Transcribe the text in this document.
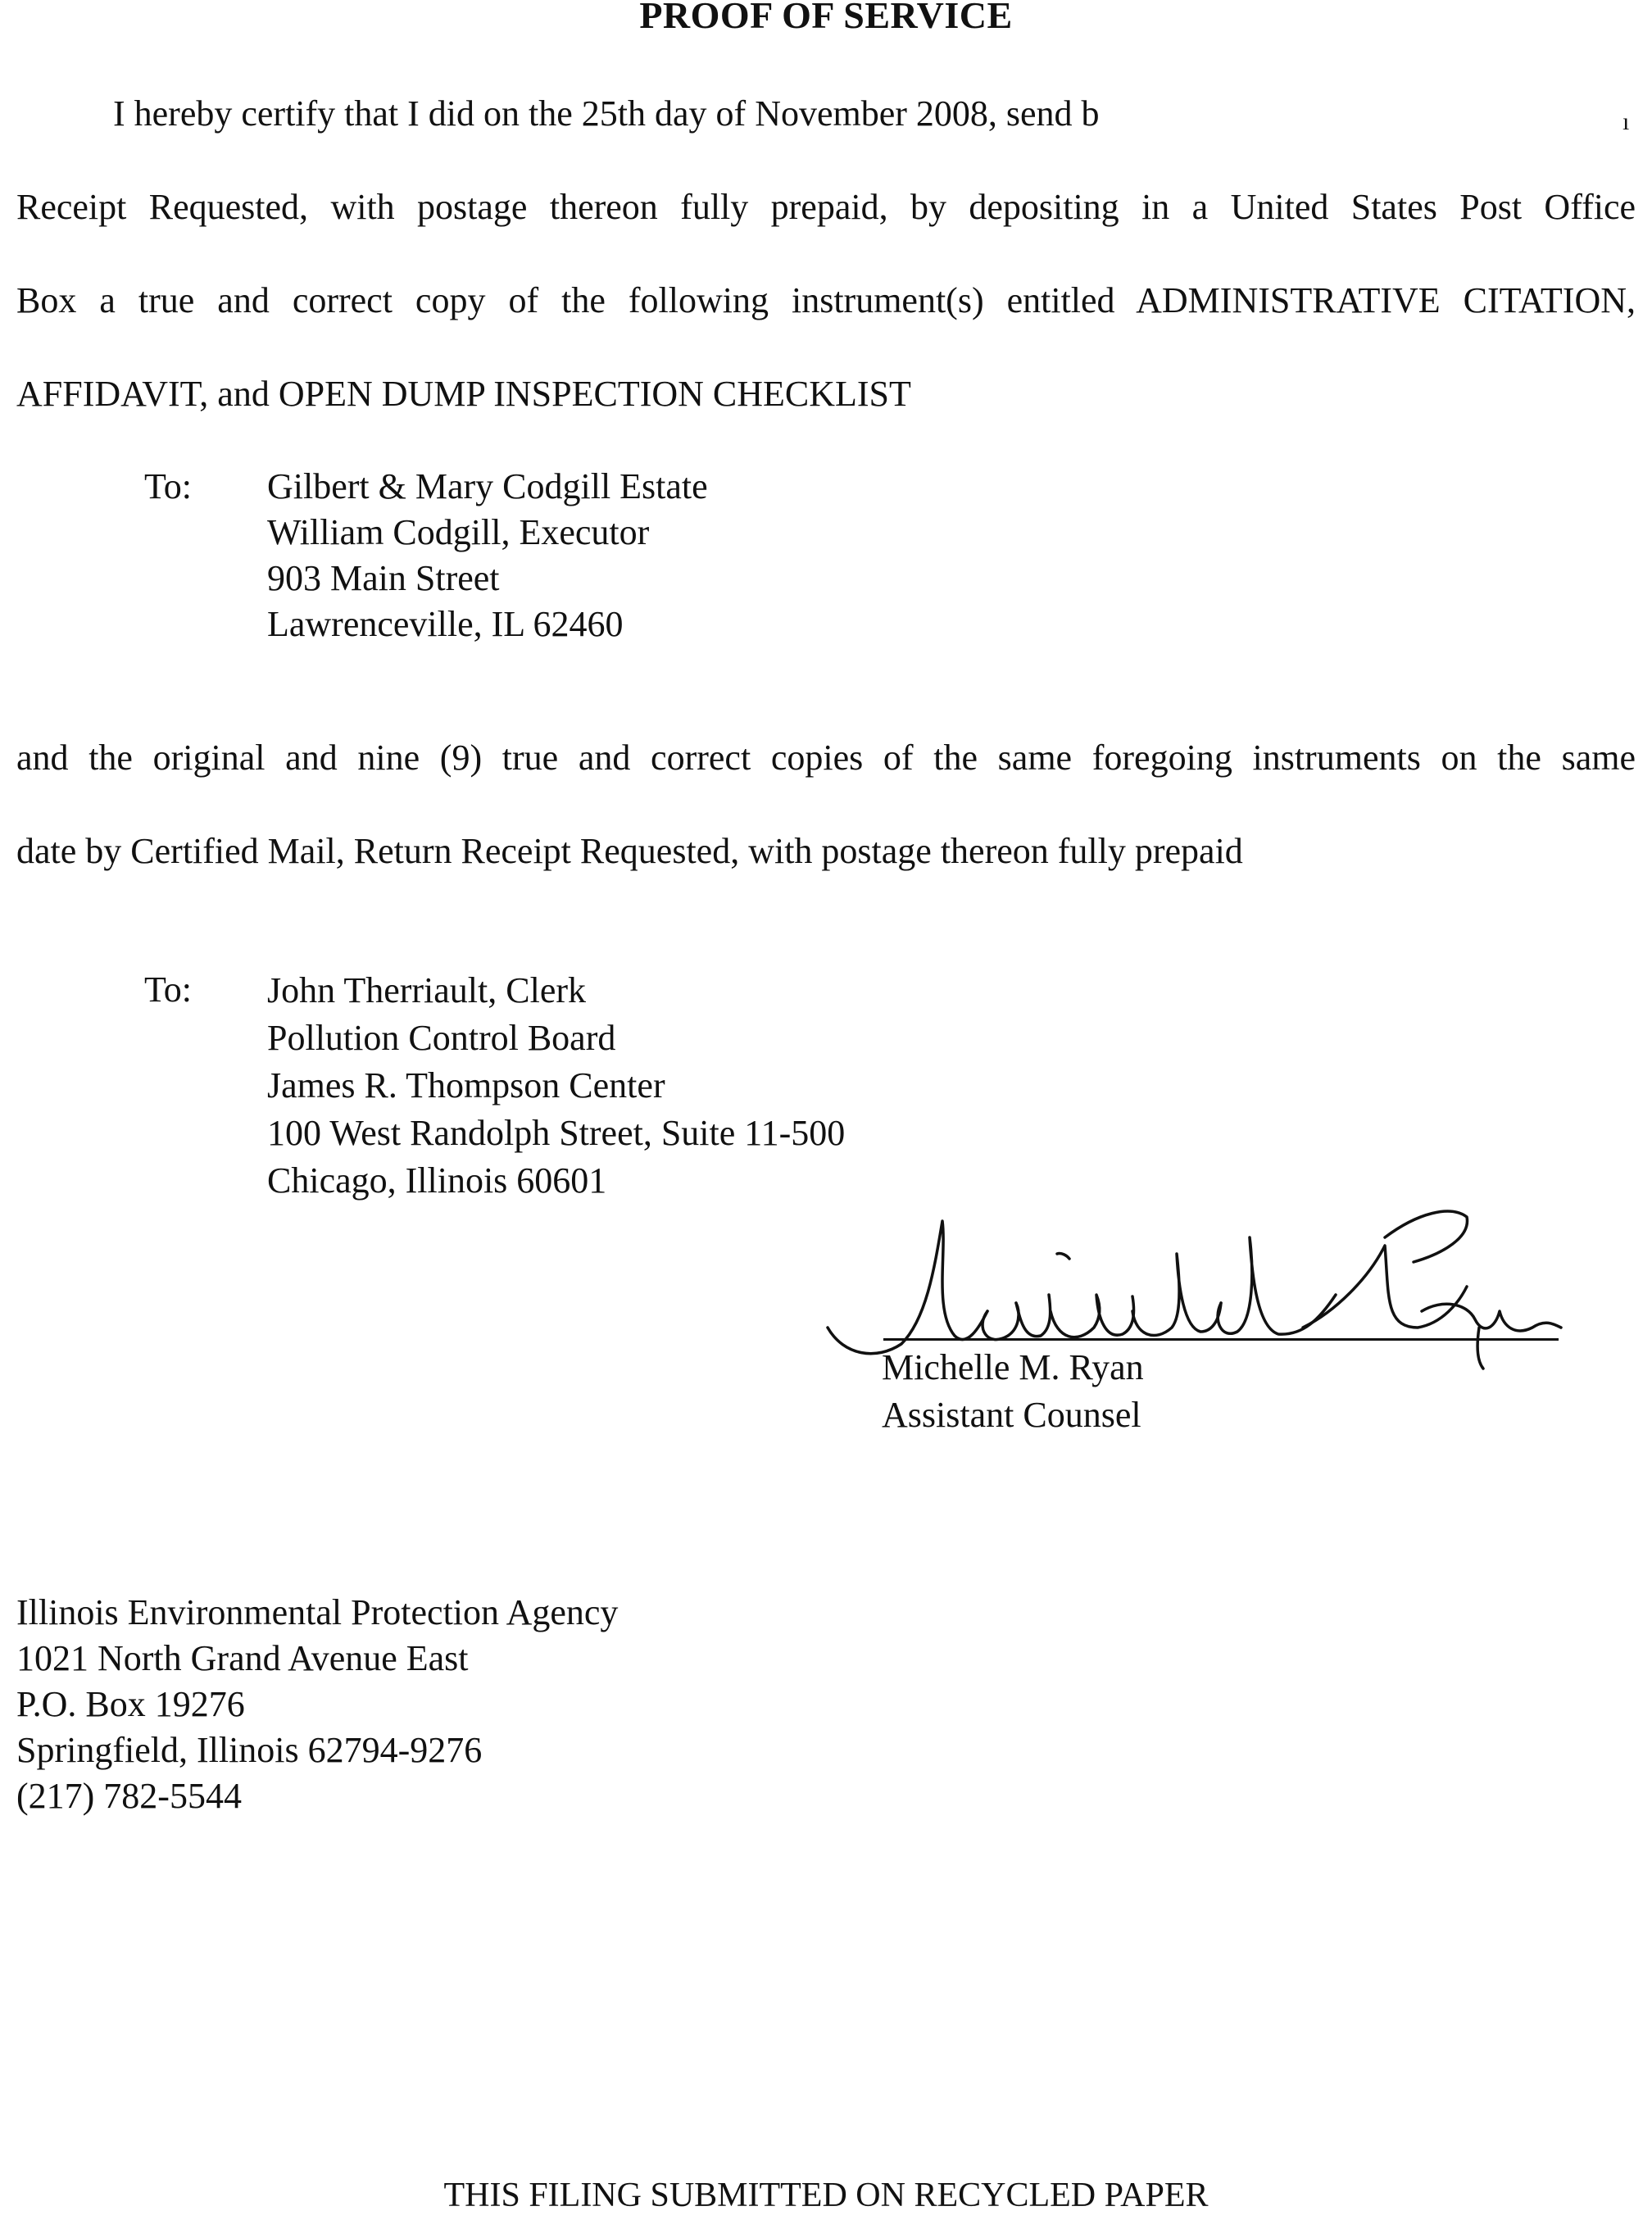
PROOF OF SERVICE
I hereby certify that I did on the 25th day of November 2008, send b	ı
Receipt Requested, with postage thereon fully prepaid, by depositing in a United States Post Office
Box a true and correct copy of the following instrument(s) entitled ADMINISTRATIVE CITATION,
AFFIDAVIT, and OPEN DUMP INSPECTION CHECKLIST
To: Gilbert & Mary Codgill Estate
William Codgill, Executor
903 Main Street
Lawrenceville, IL 62460
and the original and nine (9) true and correct copies of the same foregoing instruments on the same
date by Certified Mail, Return Receipt Requested, with postage thereon fully prepaid
To: John Therriault, Clerk
Pollution Control Board
James R. Thompson Center
100 West Randolph Street, Suite 11-500
Chicago, Illinois 60601
Michelle M. Ryan
Assistant Counsel
Illinois Environmental Protection Agency
1021 North Grand Avenue East
P.O. Box 19276
Springfield, Illinois 62794-9276
(217) 782-5544
THIS FILING SUBMITTED ON RECYCLED PAPER
